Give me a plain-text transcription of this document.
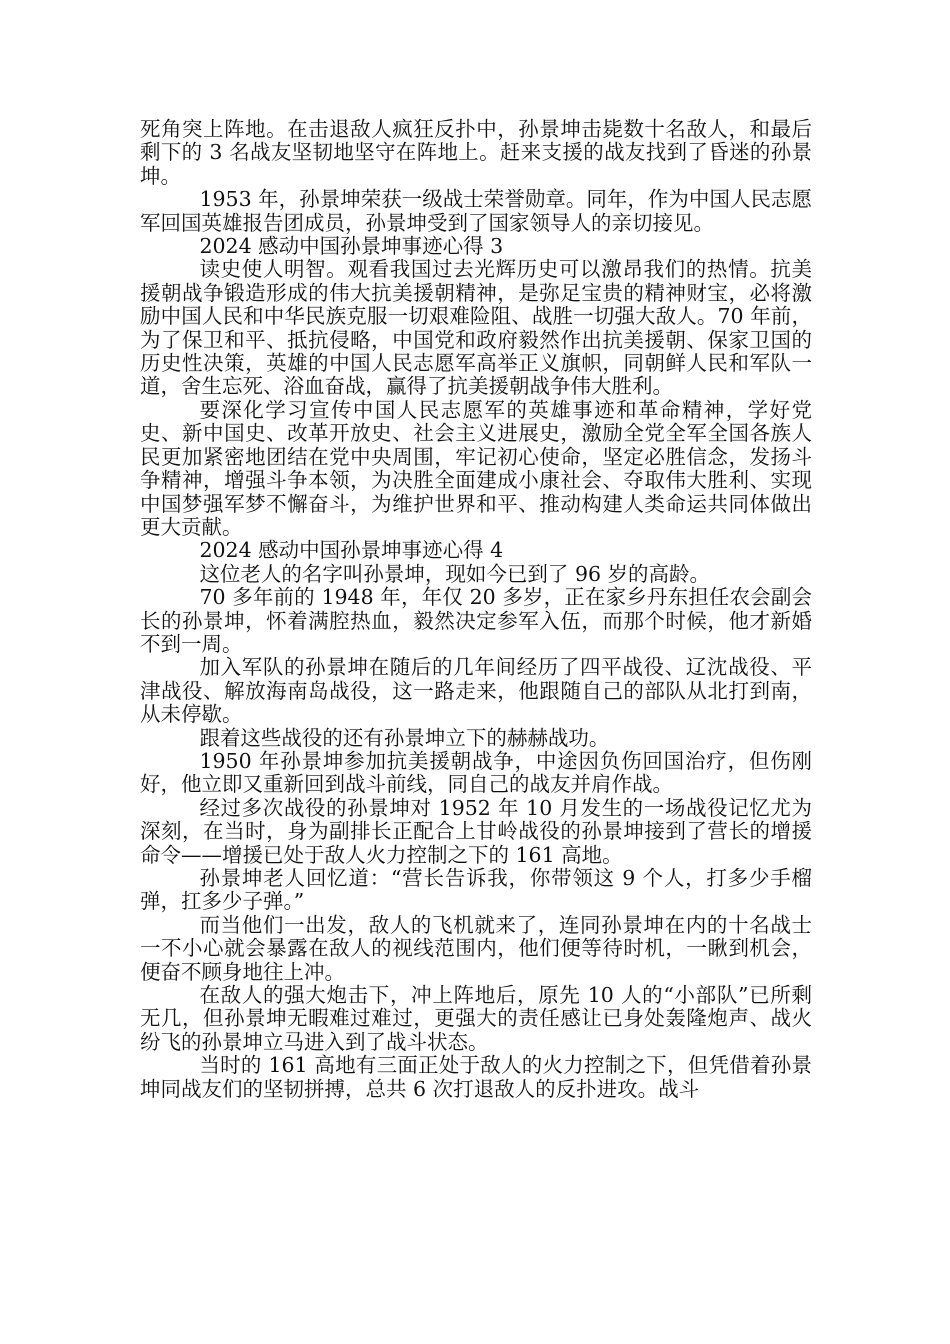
死角突上阵地。在击退敌人疯狂反扑中，孙景坤击毙数十名敌人，和最后剩下的 3 名战友坚韧地坚守在阵地上。赶来支援的战友找到了昏迷的孙景坤。

1953 年，孙景坤荣获一级战士荣誉勋章。同年，作为中国人民志愿军回国英雄报告团成员，孙景坤受到了国家领导人的亲切接见。

2024 感动中国孙景坤事迹心得 3

读史使人明智。观看我国过去光辉历史可以激昂我们的热情。抗美援朝战争锻造形成的伟大抗美援朝精神，是弥足宝贵的精神财宝，必将激励中国人民和中华民族克服一切艰难险阻、战胜一切强大敌人。70 年前，为了保卫和平、抵抗侵略，中国党和政府毅然作出抗美援朝、保家卫国的历史性决策，英雄的中国人民志愿军高举正义旗帜，同朝鲜人民和军队一道，舍生忘死、浴血奋战，赢得了抗美援朝战争伟大胜利。

要深化学习宣传中国人民志愿军的英雄事迹和革命精神，学好党史、新中国史、改革开放史、社会主义进展史，激励全党全军全国各族人民更加紧密地团结在党中央周围，牢记初心使命，坚定必胜信念，发扬斗争精神，增强斗争本领，为决胜全面建成小康社会、夺取伟大胜利、实现中国梦强军梦不懈奋斗，为维护世界和平、推动构建人类命运共同体做出更大贡献。

2024 感动中国孙景坤事迹心得 4

这位老人的名字叫孙景坤，现如今已到了 96 岁的高龄。

70 多年前的 1948 年，年仅 20 多岁，正在家乡丹东担任农会副会长的孙景坤，怀着满腔热血，毅然决定参军入伍，而那个时候，他才新婚不到一周。

加入军队的孙景坤在随后的几年间经历了四平战役、辽沈战役、平津战役、解放海南岛战役，这一路走来，他跟随自己的部队从北打到南，从未停歇。

跟着这些战役的还有孙景坤立下的赫赫战功。

1950 年孙景坤参加抗美援朝战争，中途因负伤回国治疗，但伤刚好，他立即又重新回到战斗前线，同自己的战友并肩作战。

经过多次战役的孙景坤对 1952 年 10 月发生的一场战役记忆尤为深刻，在当时，身为副排长正配合上甘岭战役的孙景坤接到了营长的增援命令——增援已处于敌人火力控制之下的 161 高地。

孙景坤老人回忆道：“营长告诉我，你带领这 9 个人，打多少手榴弹，扛多少子弹。”

而当他们一出发，敌人的飞机就来了，连同孙景坤在内的十名战士一不小心就会暴露在敌人的视线范围内，他们便等待时机，一瞅到机会，便奋不顾身地往上冲。

在敌人的强大炮击下，冲上阵地后，原先 10 人的“小部队”已所剩无几，但孙景坤无暇难过难过，更强大的责任感让已身处轰隆炮声、战火纷飞的孙景坤立马进入到了战斗状态。

当时的 161 高地有三面正处于敌人的火力控制之下，但凭借着孙景坤同战友们的坚韧拼搏，总共 6 次打退敌人的反扑进攻。战斗
